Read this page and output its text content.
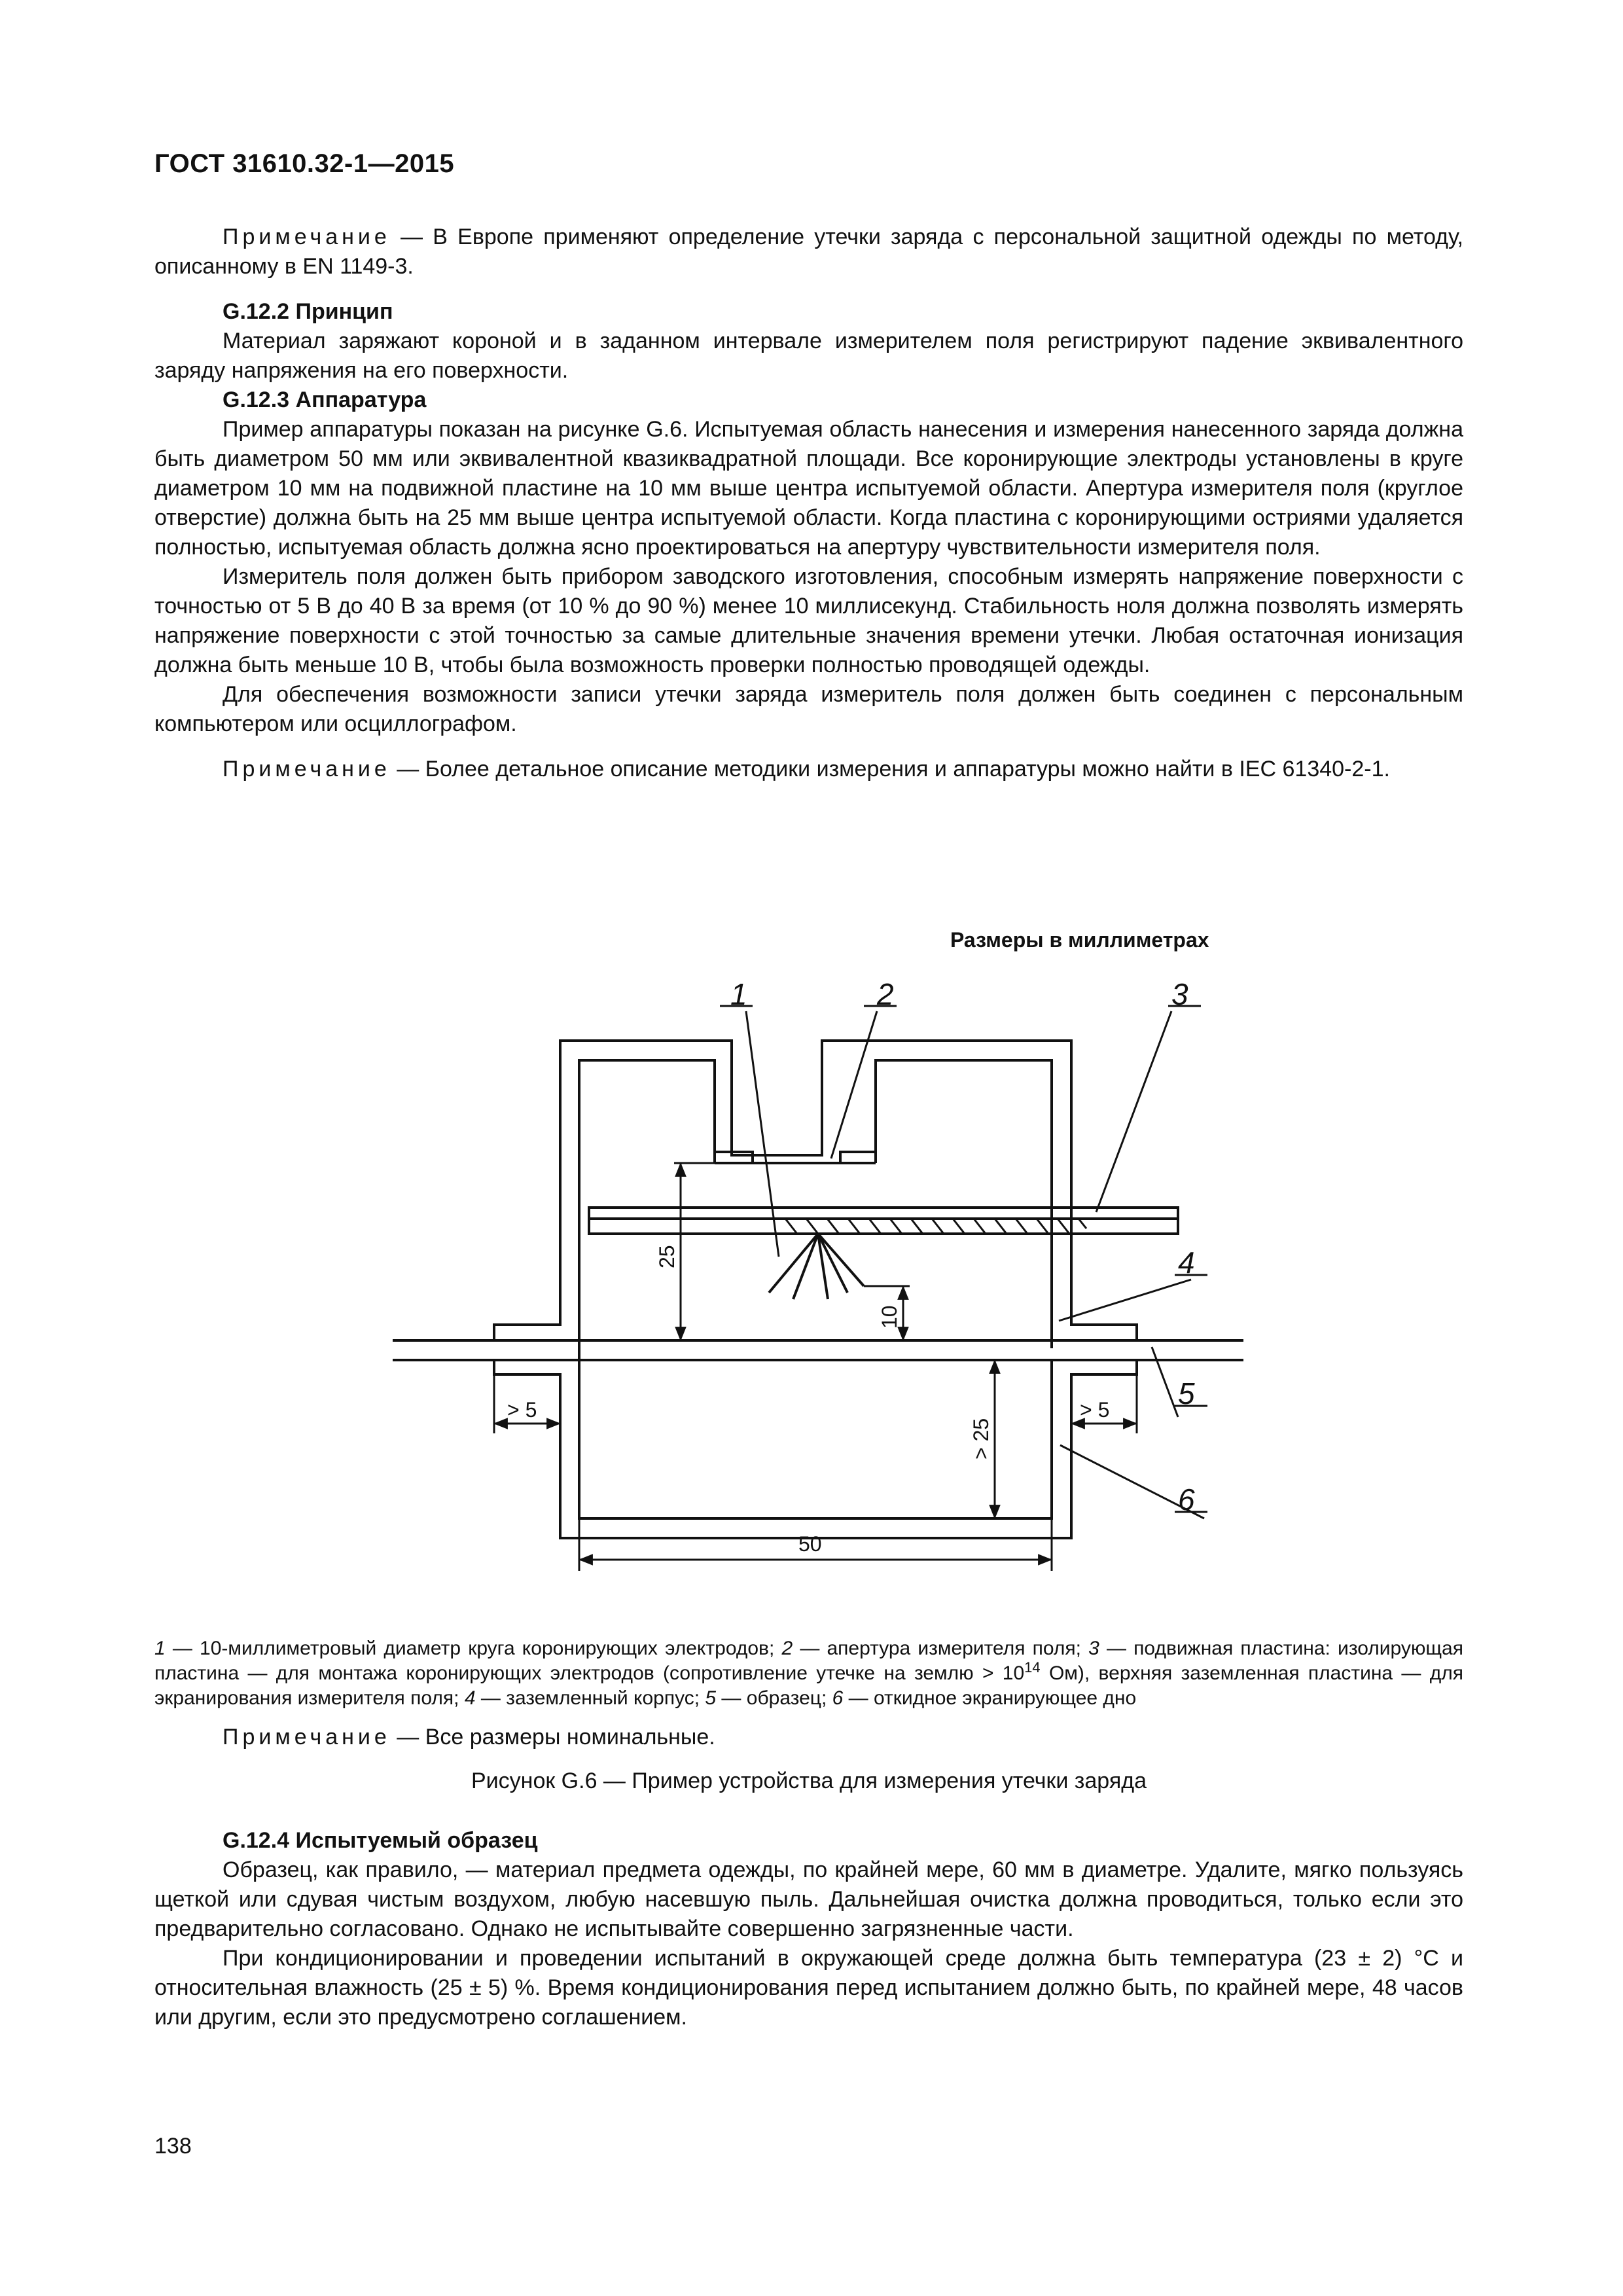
ГОСТ 31610.32-1—2015

Примечание — В Европе применяют определение утечки заряда с персональной защитной одежды по методу, описанному в EN 1149-3.

G.12.2 Принцип

Материал заряжают короной и в заданном интервале измерителем поля регистрируют падение эквивалентного заряду напряжения на его поверхности.

G.12.3 Аппаратура

Пример аппаратуры показан на рисунке G.6. Испытуемая область нанесения и измерения нанесенного заряда должна быть диаметром 50 мм или эквивалентной квазиквадратной площади. Все коронирующие электроды установлены в круге диаметром 10 мм на подвижной пластине на 10 мм выше центра испытуемой области. Апертура измерителя поля (круглое отверстие) должна быть на 25 мм выше центра испытуемой области. Когда пластина с коронирующими остриями удаляется полностью, испытуемая область должна ясно проектироваться на апертуру чувствительности измерителя поля.

Измеритель поля должен быть прибором заводского изготовления, способным измерять напряжение поверхности с точностью от 5 В до 40 В за время (от 10 % до 90 %) менее 10 миллисекунд. Стабильность ноля должна позволять измерять напряжение поверхности с этой точностью за самые длительные значения времени утечки. Любая остаточная ионизация должна быть меньше 10 В, чтобы была возможность проверки полностью проводящей одежды.

Для обеспечения возможности записи утечки заряда измеритель поля должен быть соединен с персональным компьютером или осциллографом.

Примечание — Более детальное описание методики измерения и аппаратуры можно найти в IEC 61340-2-1.

Размеры в миллиметрах
1	2	3
4
5
6
25
10
> 25
> 5	> 5
50
1 — 10-миллиметровый диаметр круга коронирующих электродов; 2 — апертура измерителя поля; 3 — подвижная пластина: изолирующая пластина — для монтажа коронирующих электродов (сопротивление утечке на землю > $10^{14}$ Ом), верхняя заземленная пластина — для экранирования измерителя поля; 4 — заземленный корпус; 5 — образец; 6 — откидное экранирующее дно
Примечание — Все размеры номинальные.
Рисунок G.6 — Пример устройства для измерения утечки заряда

G.12.4 Испытуемый образец

Образец, как правило, — материал предмета одежды, по крайней мере, 60 мм в диаметре. Удалите, мягко пользуясь щеткой или сдувая чистым воздухом, любую насевшую пыль. Дальнейшая очистка должна проводиться, только если это предварительно согласовано. Однако не испытывайте совершенно загрязненные части.

При кондиционировании и проведении испытаний в окружающей среде должна быть температура (23 ± 2) °С и относительная влажность (25 ± 5) %. Время кондиционирования перед испытанием должно быть, по крайней мере, 48 часов или другим, если это предусмотрено соглашением.

138
